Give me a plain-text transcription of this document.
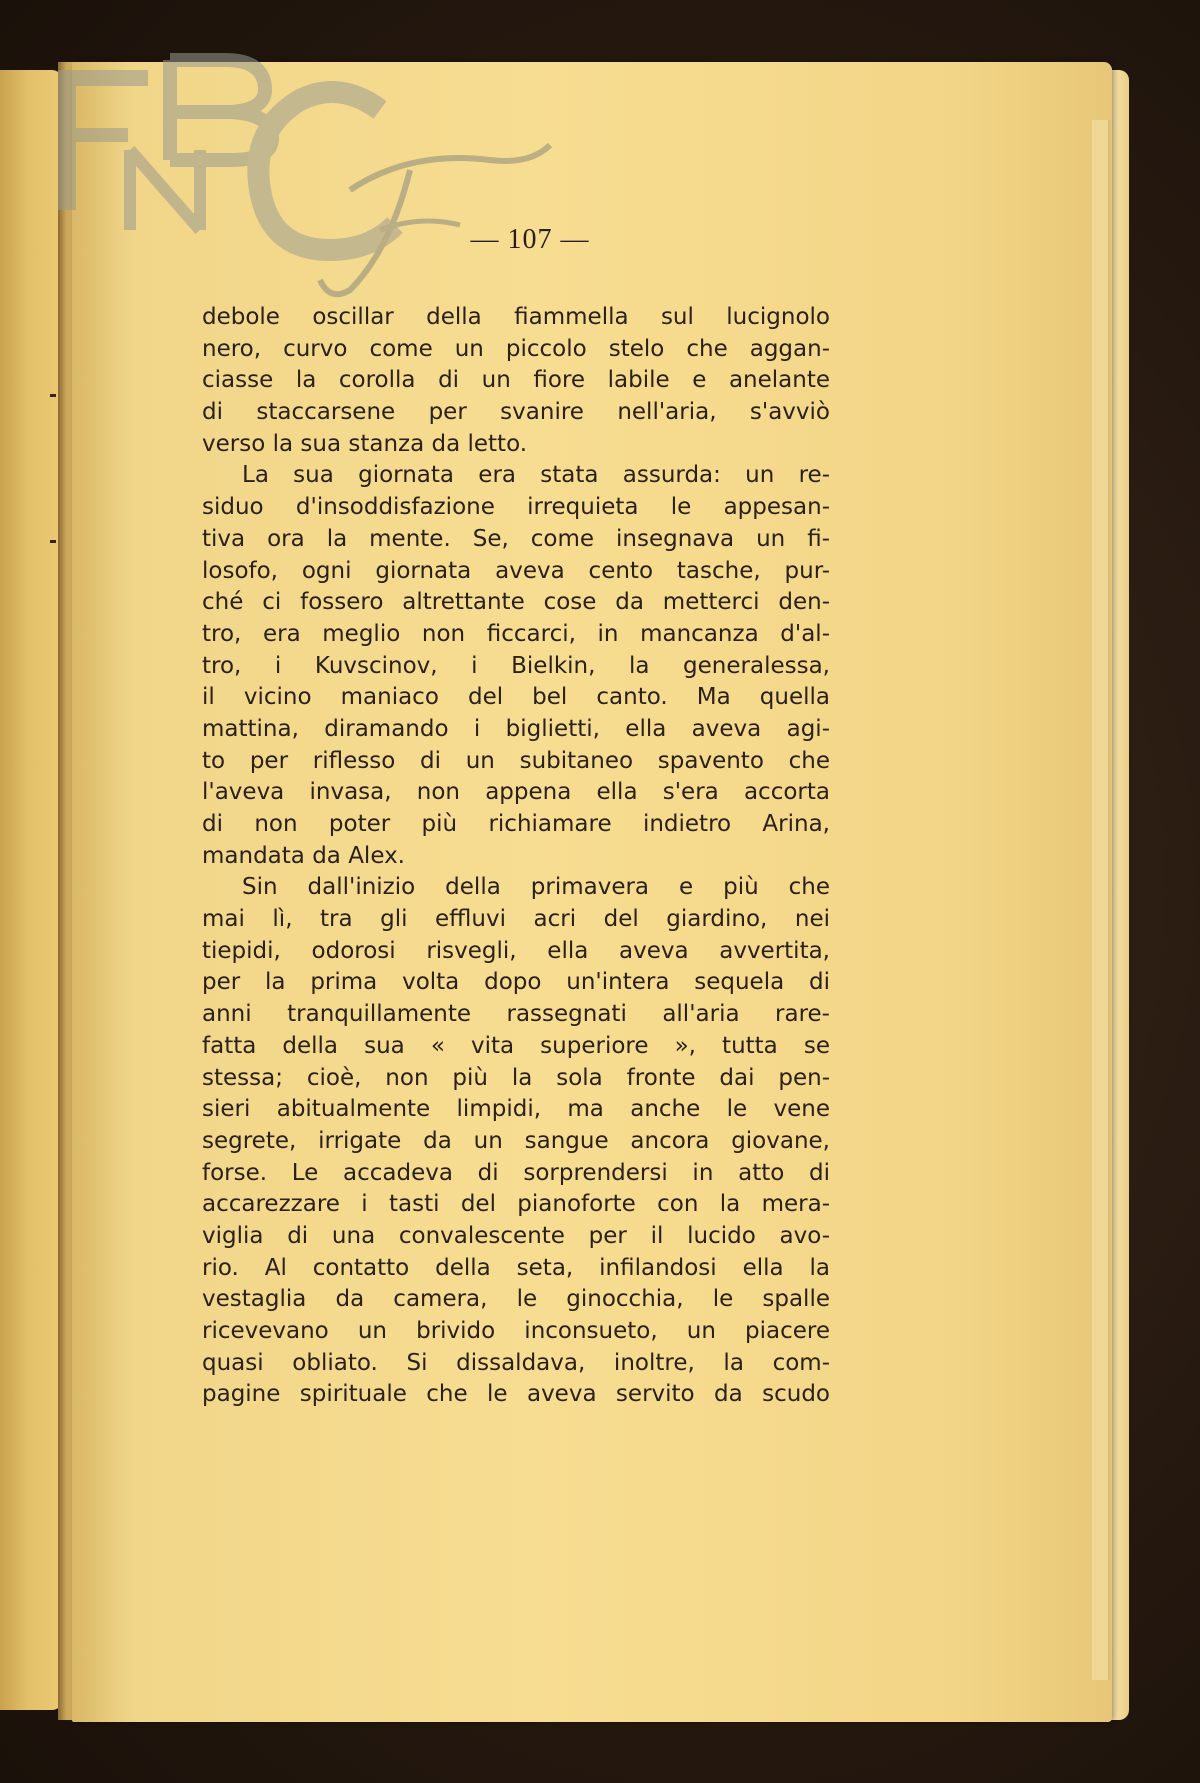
— 107 —
debole oscillar della fiammella sul lucignolo
nero, curvo come un piccolo stelo che aggan-
ciasse la corolla di un fiore labile e anelante
di staccarsene per svanire nell'aria, s'avviò
verso la sua stanza da letto.
La sua giornata era stata assurda: un re-
siduo d'insoddisfazione irrequieta le appesan-
tiva ora la mente. Se, come insegnava un fi-
losofo, ogni giornata aveva cento tasche, pur-
ché ci fossero altrettante cose da metterci den-
tro, era meglio non ficcarci, in mancanza d'al-
tro, i Kuvscinov, i Bielkin, la generalessa,
il vicino maniaco del bel canto. Ma quella
mattina, diramando i biglietti, ella aveva agi-
to per riflesso di un subitaneo spavento che
l'aveva invasa, non appena ella s'era accorta
di non poter più richiamare indietro Arina,
mandata da Alex.
Sin dall'inizio della primavera e più che
mai lì, tra gli effluvi acri del giardino, nei
tiepidi, odorosi risvegli, ella aveva avvertita,
per la prima volta dopo un'intera sequela di
anni tranquillamente rassegnati all'aria rare-
fatta della sua « vita superiore », tutta se
stessa; cioè, non più la sola fronte dai pen-
sieri abitualmente limpidi, ma anche le vene
segrete, irrigate da un sangue ancora giovane,
forse. Le accadeva di sorprendersi in atto di
accarezzare i tasti del pianoforte con la mera-
viglia di una convalescente per il lucido avo-
rio. Al contatto della seta, infilandosi ella la
vestaglia da camera, le ginocchia, le spalle
ricevevano un brivido inconsueto, un piacere
quasi obliato. Si dissaldava, inoltre, la com-
pagine spirituale che le aveva servito da scudo
